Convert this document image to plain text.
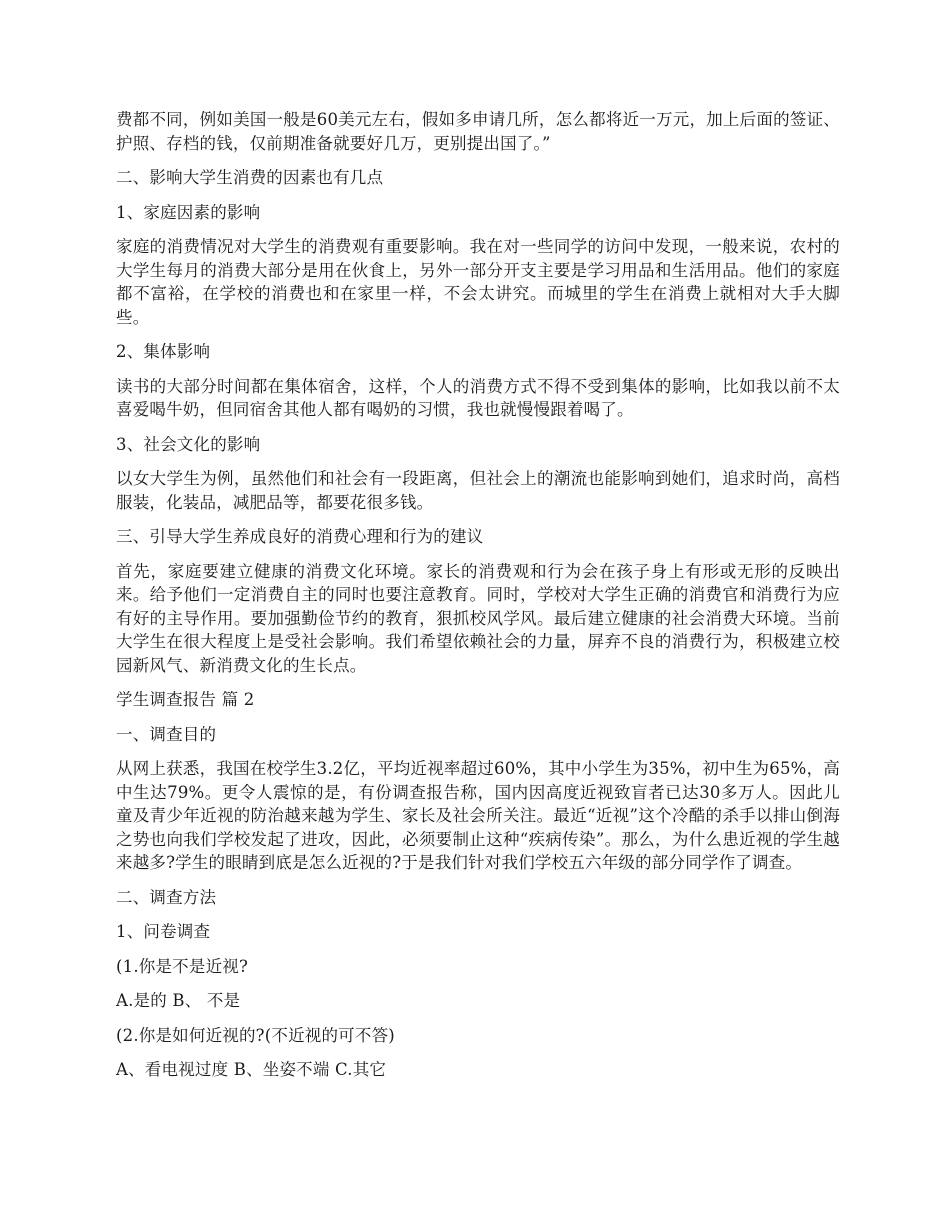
费都不同，例如美国一般是60美元左右，假如多申请几所，怎么都将近一万元，加上后面的签证、护照、存档的钱，仅前期准备就要好几万，更别提出国了。”

二、影响大学生消费的因素也有几点

1、家庭因素的影响

家庭的消费情况对大学生的消费观有重要影响。我在对一些同学的访问中发现，一般来说，农村的大学生每月的消费大部分是用在伙食上，另外一部分开支主要是学习用品和生活用品。他们的家庭都不富裕，在学校的消费也和在家里一样，不会太讲究。而城里的学生在消费上就相对大手大脚些。

2、集体影响

读书的大部分时间都在集体宿舍，这样，个人的消费方式不得不受到集体的影响，比如我以前不太喜爱喝牛奶，但同宿舍其他人都有喝奶的习惯，我也就慢慢跟着喝了。

3、社会文化的影响

以女大学生为例，虽然他们和社会有一段距离，但社会上的潮流也能影响到她们，追求时尚，高档服装，化装品，减肥品等，都要花很多钱。

三、引导大学生养成良好的消费心理和行为的建议

首先，家庭要建立健康的消费文化环境。家长的消费观和行为会在孩子身上有形或无形的反映出来。给予他们一定消费自主的同时也要注意教育。同时，学校对大学生正确的消费官和消费行为应有好的主导作用。要加强勤俭节约的教育，狠抓校风学风。最后建立健康的社会消费大环境。当前大学生在很大程度上是受社会影响。我们希望依赖社会的力量，屏弃不良的消费行为，积极建立校园新风气、新消费文化的生长点。

学生调查报告 篇 2

一、调查目的

从网上获悉，我国在校学生3.2亿，平均近视率超过60%，其中小学生为35%，初中生为65%，高中生达79%。更令人震惊的是，有份调查报告称，国内因高度近视致盲者已达30多万人。因此儿童及青少年近视的防治越来越为学生、家长及社会所关注。最近“近视”这个冷酷的杀手以排山倒海之势也向我们学校发起了进攻，因此，必须要制止这种“疾病传染”。那么，为什么患近视的学生越来越多?学生的眼睛到底是怎么近视的?于是我们针对我们学校五六年级的部分同学作了调查。

二、调查方法

1、问卷调查

(1.你是不是近视?

A.是的 B、 不是

(2.你是如何近视的?(不近视的可不答)

A、看电视过度 B、坐姿不端 C.其它
